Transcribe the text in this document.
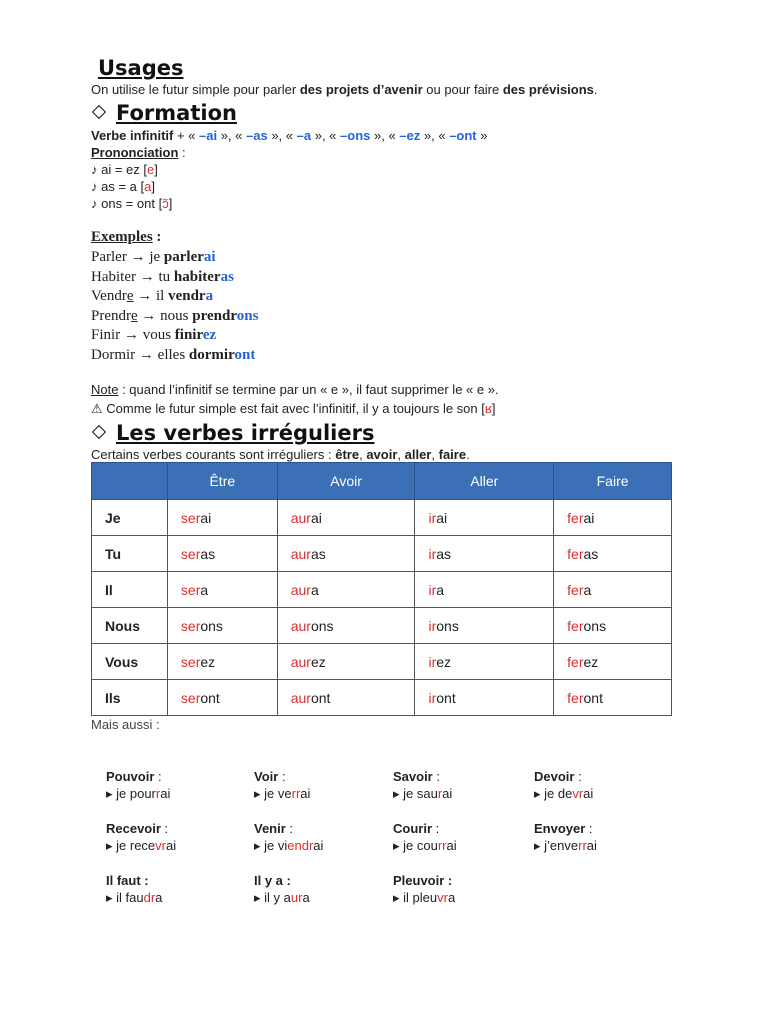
Usages
On utilise le futur simple pour parler des projets d’avenir ou pour faire des prévisions.
Formation
Verbe infinitif + « –ai », « –as », « –a », « –ons », « –ez », « –ont »
Prononciation :
♪ ai = ez [e]
♪ as = a [a]
♪ ons = ont [ɔ̃]
Exemples :
Parler → je parlerai
Habiter → tu habiteras
Vendre → il vendra
Prendre → nous prendrons
Finir → vous finirez
Dormir → elles dormiront
Note : quand l’infinitif se termine par un « e », il faut supprimer le « e ».
⚠ Comme le futur simple est fait avec l’infinitif, il y a toujours le son [ʁ]
Les verbes irréguliers
Certains verbes courants sont irréguliers : être, avoir, aller, faire.
	Être	Avoir	Aller	Faire
Je	serai	aurai	irai	ferai
Tu	seras	auras	iras	feras
Il	sera	aura	ira	fera
Nous	serons	aurons	irons	ferons
Vous	serez	aurez	irez	ferez
Ils	seront	auront	iront	feront
Mais aussi :
Pouvoir :
▸ je pourrai
Voir :
▸ je verrai
Savoir :
▸ je saurai
Devoir :
▸ je devrai
Recevoir :
▸ je recevrai
Venir :
▸ je viendrai
Courir :
▸ je courrai
Envoyer :
▸ j’enverrai
Il faut :
▸ il faudra
Il y a :
▸ il y aura
Pleuvoir :
▸ il pleuvra
